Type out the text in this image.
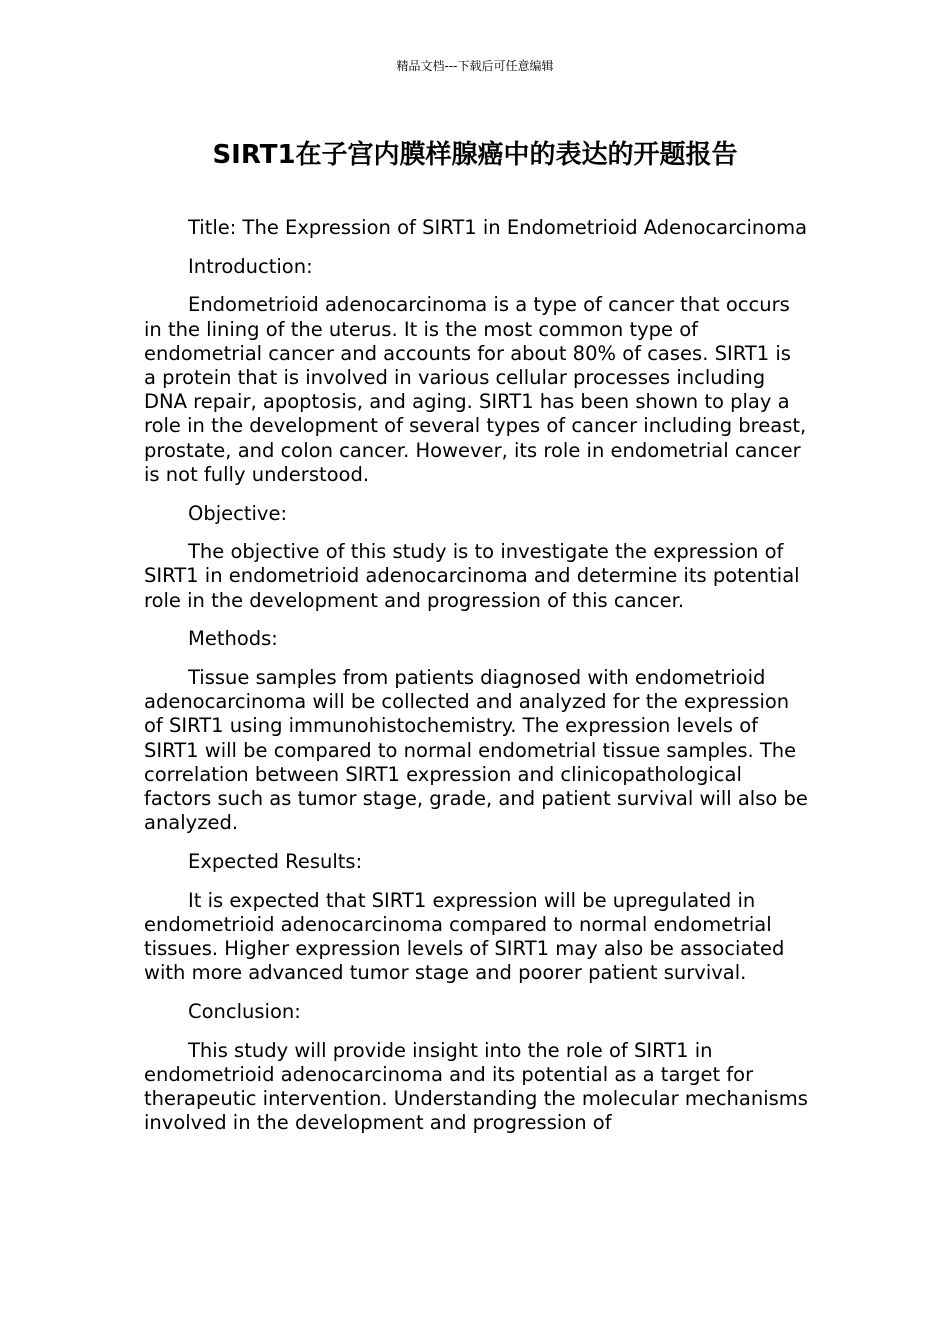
精品文档---下载后可任意编辑
SIRT1在子宫内膜样腺癌中的表达的开题报告

Title: The Expression of SIRT1 in Endometrioid Adenocarcinoma

Introduction:

Endometrioid adenocarcinoma is a type of cancer that occurs in the lining of the uterus. It is the most common type of endometrial cancer and accounts for about 80% of cases. SIRT1 is a protein that is involved in various cellular processes including DNA repair, apoptosis, and aging. SIRT1 has been shown to play a role in the development of several types of cancer including breast, prostate, and colon cancer. However, its role in endometrial cancer is not fully understood.

Objective:

The objective of this study is to investigate the expression of SIRT1 in endometrioid adenocarcinoma and determine its potential role in the development and progression of this cancer.

Methods:

Tissue samples from patients diagnosed with endometrioid adenocarcinoma will be collected and analyzed for the expression of SIRT1 using immunohistochemistry. The expression levels of SIRT1 will be compared to normal endometrial tissue samples. The correlation between SIRT1 expression and clinicopathological factors such as tumor stage, grade, and patient survival will also be analyzed.

Expected Results:

It is expected that SIRT1 expression will be upregulated in endometrioid adenocarcinoma compared to normal endometrial tissues. Higher expression levels of SIRT1 may also be associated with more advanced tumor stage and poorer patient survival.

Conclusion:

This study will provide insight into the role of SIRT1 in endometrioid adenocarcinoma and its potential as a target for therapeutic intervention. Understanding the molecular mechanisms involved in the development and progression of
